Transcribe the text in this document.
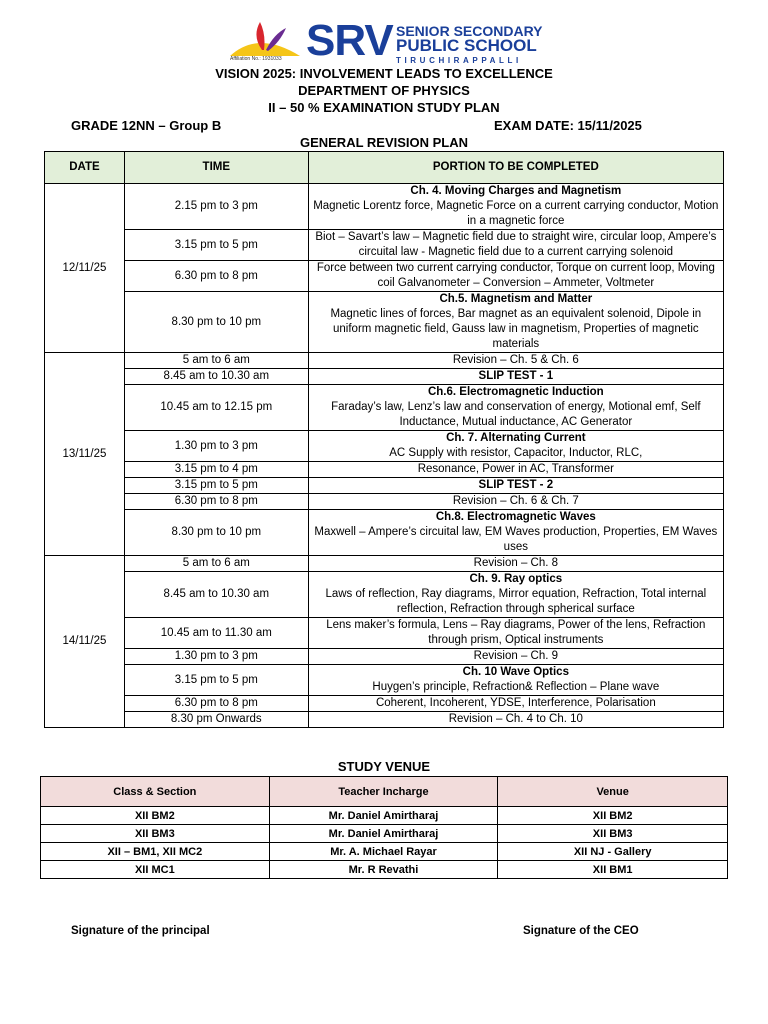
Affiliation No.: 1931033 SRV SENIOR SECONDARY
PUBLIC SCHOOL
TIRUCHIRAPPALLI
VISION 2025: INVOLVEMENT LEADS TO EXCELLENCE
DEPARTMENT OF PHYSICS
II – 50 % EXAMINATION STUDY PLAN
GRADE 12NN – Group B	EXAM DATE: 15/11/2025
GENERAL REVISION PLAN
DATE	TIME	PORTION TO BE COMPLETED
12/11/25	2.15 pm to 3 pm	Ch. 4. Moving Charges and Magnetism
Magnetic Lorentz force, Magnetic Force on a current carrying conductor, Motion in a magnetic force
	3.15 pm to 5 pm	Biot – Savart’s law – Magnetic field due to straight wire, circular loop, Ampere’s circuital law - Magnetic field due to a current carrying solenoid
	6.30 pm to 8 pm	Force between two current carrying conductor, Torque on current loop, Moving coil Galvanometer – Conversion – Ammeter, Voltmeter
	8.30 pm to 10 pm	Ch.5. Magnetism and Matter
Magnetic lines of forces, Bar magnet as an equivalent solenoid, Dipole in uniform magnetic field, Gauss law in magnetism, Properties of magnetic materials
13/11/25	5 am to 6 am	Revision – Ch. 5 & Ch. 6
	8.45 am to 10.30 am	SLIP TEST - 1

	10.45 am to 12.15 pm	Ch.6. Electromagnetic Induction
Faraday’s law, Lenz’s law and conservation of energy, Motional emf, Self Inductance, Mutual inductance, AC Generator
	1.30 pm to 3 pm	Ch. 7. Alternating Current
AC Supply with resistor, Capacitor, Inductor, RLC,
	3.15 pm to 4 pm	Resonance, Power in AC, Transformer
	3.15 pm to 5 pm	SLIP TEST - 2

	6.30 pm to 8 pm	Revision – Ch. 6 & Ch. 7
	8.30 pm to 10 pm	Ch.8. Electromagnetic Waves
Maxwell – Ampere’s circuital law, EM Waves production, Properties, EM Waves uses
14/11/25	5 am to 6 am	Revision – Ch. 8
	8.45 am to 10.30 am	Ch. 9. Ray optics
Laws of reflection, Ray diagrams, Mirror equation, Refraction, Total internal reflection, Refraction through spherical surface
	10.45 am to 11.30 am	Lens maker’s formula, Lens – Ray diagrams, Power of the lens, Refraction through prism, Optical instruments
	1.30 pm to 3 pm	Revision – Ch. 9
	3.15 pm to 5 pm	Ch. 10 Wave Optics
Huygen’s principle, Refraction& Reflection – Plane wave
	6.30 pm to 8 pm	Coherent, Incoherent, YDSE, Interference, Polarisation
	8.30 pm Onwards	Revision – Ch. 4 to Ch. 10
STUDY VENUE
Class & Section	Teacher Incharge	Venue
XII BM2	Mr. Daniel Amirtharaj	XII BM2
XII BM3	Mr. Daniel Amirtharaj	XII BM3
XII – BM1, XII MC2	Mr. A. Michael Rayar	XII NJ - Gallery
XII MC1	Mr. R Revathi	XII BM1
Signature of the principal	Signature of the CEO
